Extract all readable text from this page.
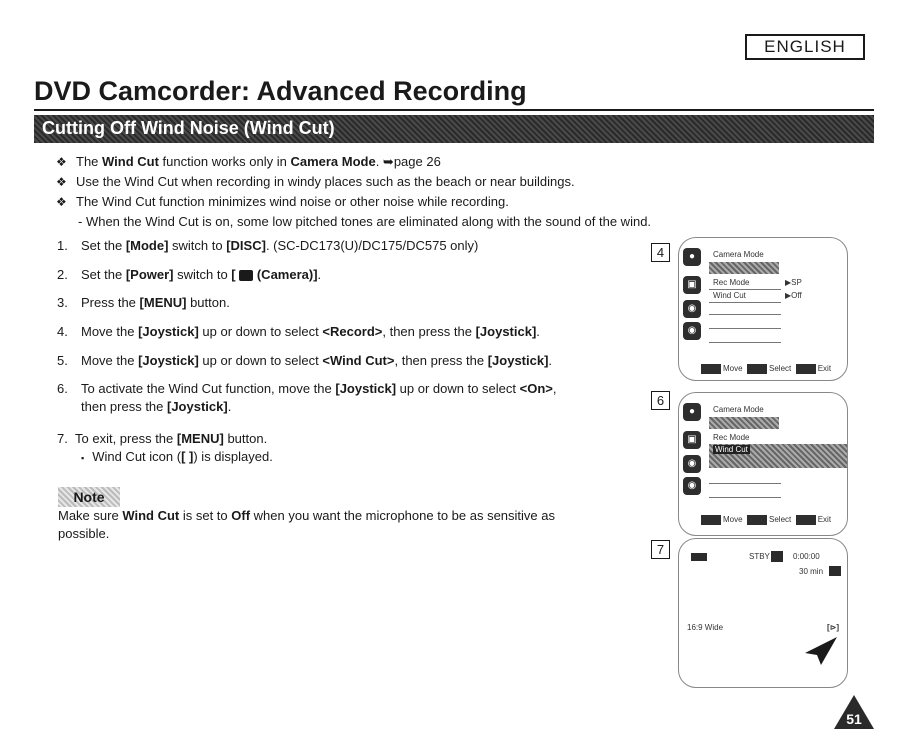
ENGLISH
DVD Camcorder: Advanced Recording
Cutting Off Wind Noise (Wind Cut)
❖ The Wind Cut function works only in Camera Mode. ➥page 26
❖ Use the Wind Cut when recording in windy places such as the beach or near buildings.
❖ The Wind Cut function minimizes wind noise or other noise while recording.
- When the Wind Cut is on, some low pitched tones are eliminated along with the sound of the wind.
1. Set the [Mode] switch to [DISC]. (SC-DC173(U)/DC175/DC575 only)
2. Set the [Power] switch to [  (Camera)].
3. Press the [MENU] button.
4. Move the [Joystick] up or down to select <Record>, then press the [Joystick].
5. Move the [Joystick] up or down to select <Wind Cut>, then press the [Joystick].
6. To activate the Wind Cut function, move the [Joystick] up or down to select <On>,
then press the [Joystick].
7. To exit, press the [MENU] button.
▪ Wind Cut icon ([ ]) is displayed.
Note
Make sure Wind Cut is set to Off when you want the microphone to be as sensitive as
possible.
4	●	Camera Mode
▣	Rec Mode	▶SP
Wind Cut	▶Off
◉
◉
Move	Select	Exit
6
●	Camera Mode
▣	Rec Mode
Wind Cut
◉
◉
Move	Select	Exit
7	STBY	0:00:00
30 min
16:9 Wide	[⊳]
51
